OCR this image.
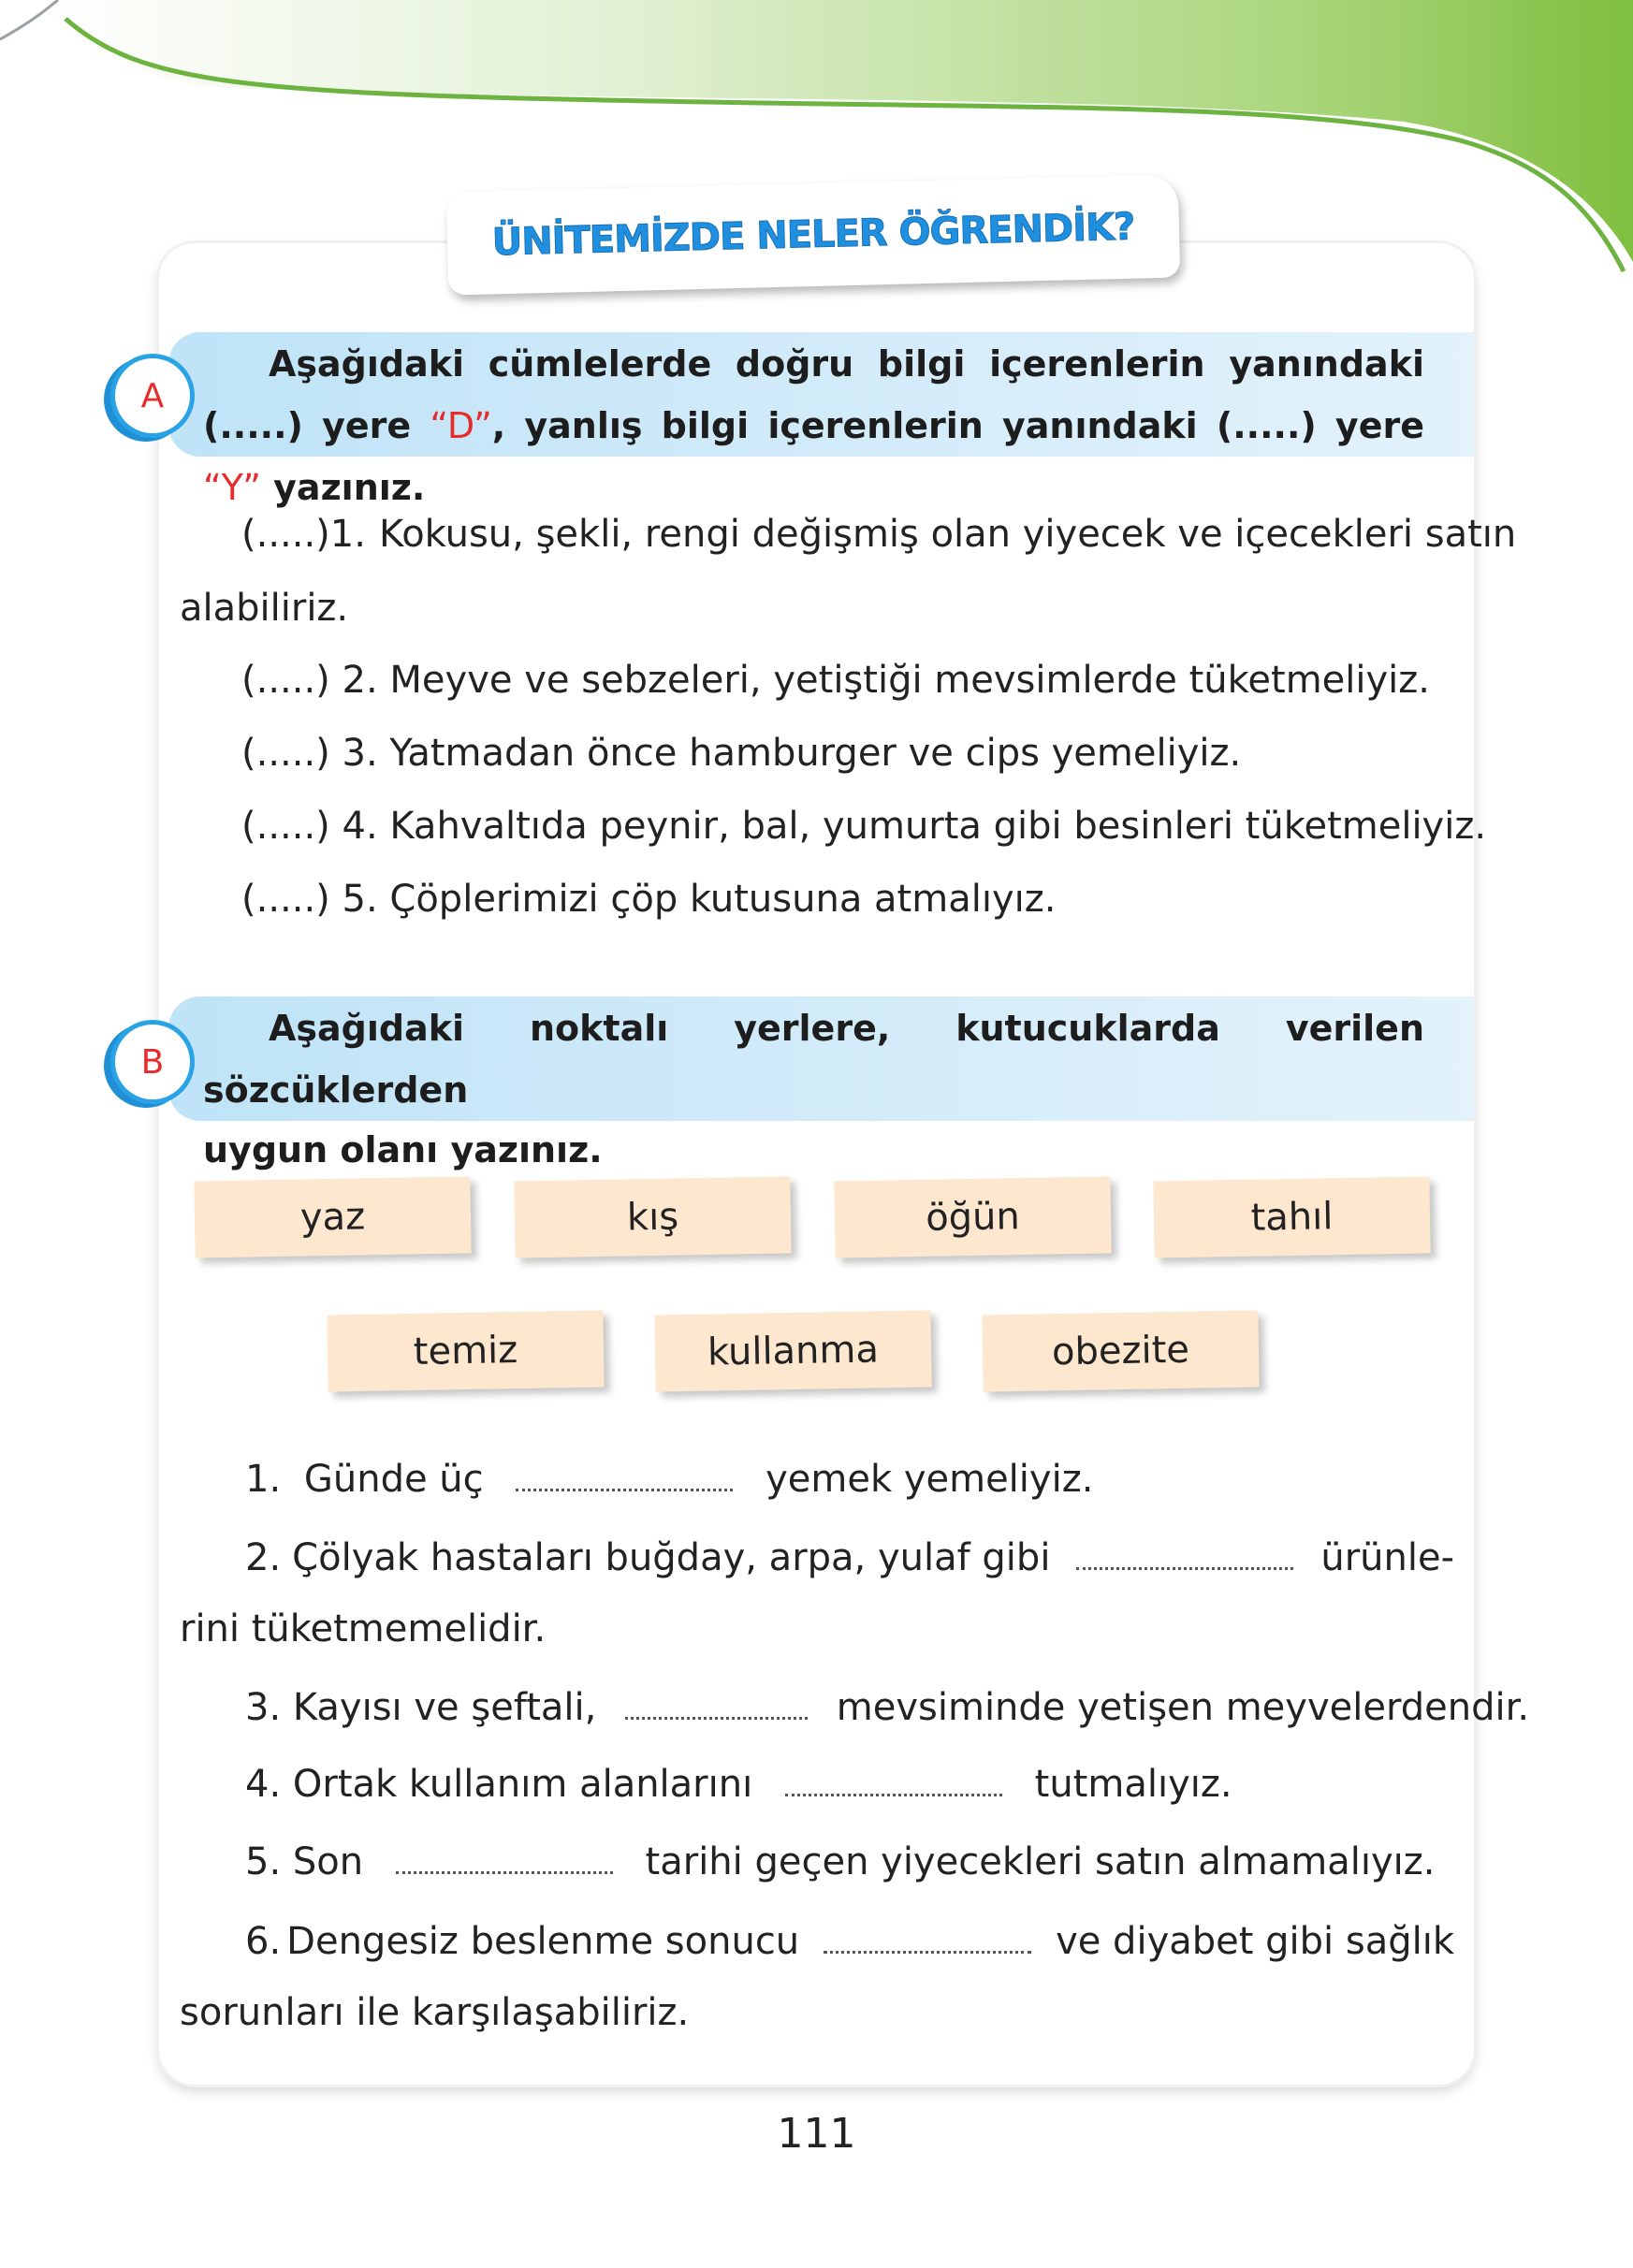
ÜNİTEMİZDE NELER ÖĞRENDİK?
A
Aşağıdaki cümlelerde doğru bilgi içerenlerin yanındaki (.....) yere “D”, yanlış bilgi içerenlerin yanındaki (.....) yere “Y” yazınız.
(.....) 1. Kokusu, şekli, rengi değişmiş olan yiyecek ve içecekleri satın
alabiliriz.
(.....) 2. Meyve ve sebzeleri, yetiştiği mevsimlerde tüketmeliyiz.
(.....) 3. Yatmadan önce hamburger ve cips yemeliyiz.
(.....) 4. Kahvaltıda peynir, bal, yumurta gibi besinleri tüketmeliyiz.
(.....) 5. Çöplerimizi çöp kutusuna atmalıyız.
B
Aşağıdaki noktalı yerlere, kutucuklarda verilen sözcüklerden
uygun olanı yazınız.
yaz	kış	öğün	tahıl
temiz	kullanma	obezite
1. Günde üç	yemek yemeliyiz.
2. Çölyak hastaları buğday, arpa, yulaf gibi	ürünle-
rini tüketmemelidir.
3. Kayısı ve şeftali,	mevsiminde yetişen meyvelerdendir.
4. Ortak kullanım alanlarını	tutmalıyız.
5. Son	tarihi geçen yiyecekleri satın almamalıyız.
6. Dengesiz beslenme sonucu	ve diyabet gibi sağlık
sorunları ile karşılaşabiliriz.
111
